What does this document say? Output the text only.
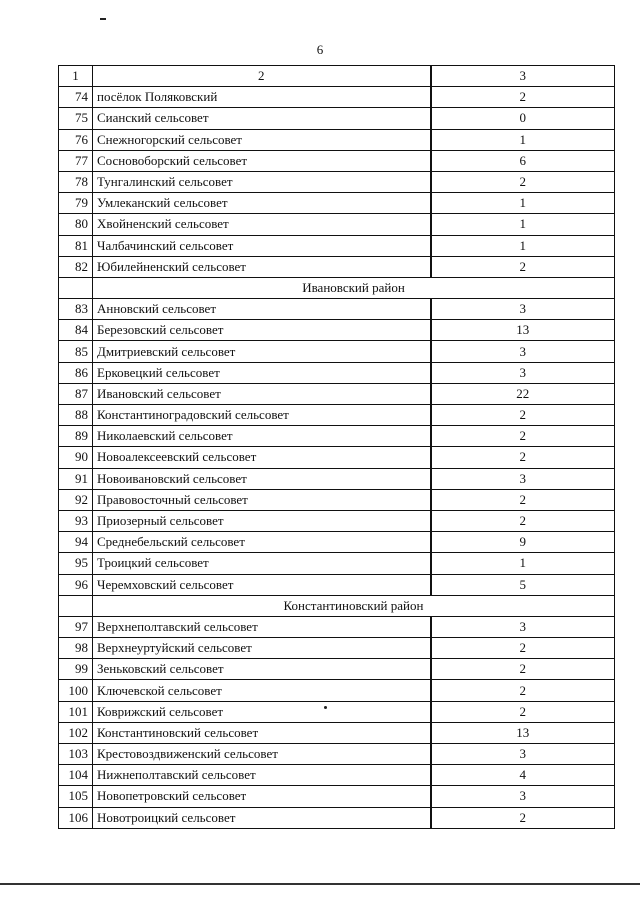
6
1	2	3
74	посёлок Поляковский	2
75	Сианский сельсовет	0
76	Снежногорский сельсовет	1
77	Сосновоборский сельсовет	6
78	Тунгалинский сельсовет	2
79	Умлеканский сельсовет	1
80	Хвойненский сельсовет	1
81	Чалбачинский сельсовет	1
82	Юбилейненский сельсовет	2
	Ивановский район	
83	Анновский сельсовет	3
84	Березовский сельсовет	13
85	Дмитриевский сельсовет	3
86	Ерковецкий сельсовет	3
87	Ивановский сельсовет	22
88	Константиноградовский сельсовет	2
89	Николаевский сельсовет	2
90	Новоалексеевский сельсовет	2
91	Новоивановский сельсовет	3
92	Правовосточный сельсовет	2
93	Приозерный сельсовет	2
94	Среднебельский сельсовет	9
95	Троицкий сельсовет	1
96	Черемховский сельсовет	5
	Константиновский район	
97	Верхнеполтавский сельсовет	3
98	Верхнеуртуйский сельсовет	2
99	Зеньковский сельсовет	2
100	Ключевской сельсовет	2
101	Коврижский сельсовет	2
102	Константиновский сельсовет	13
103	Крестовоздвиженский сельсовет	3
104	Нижнеполтавский сельсовет	4
105	Новопетровский сельсовет	3
106	Новотроицкий сельсовет	2
